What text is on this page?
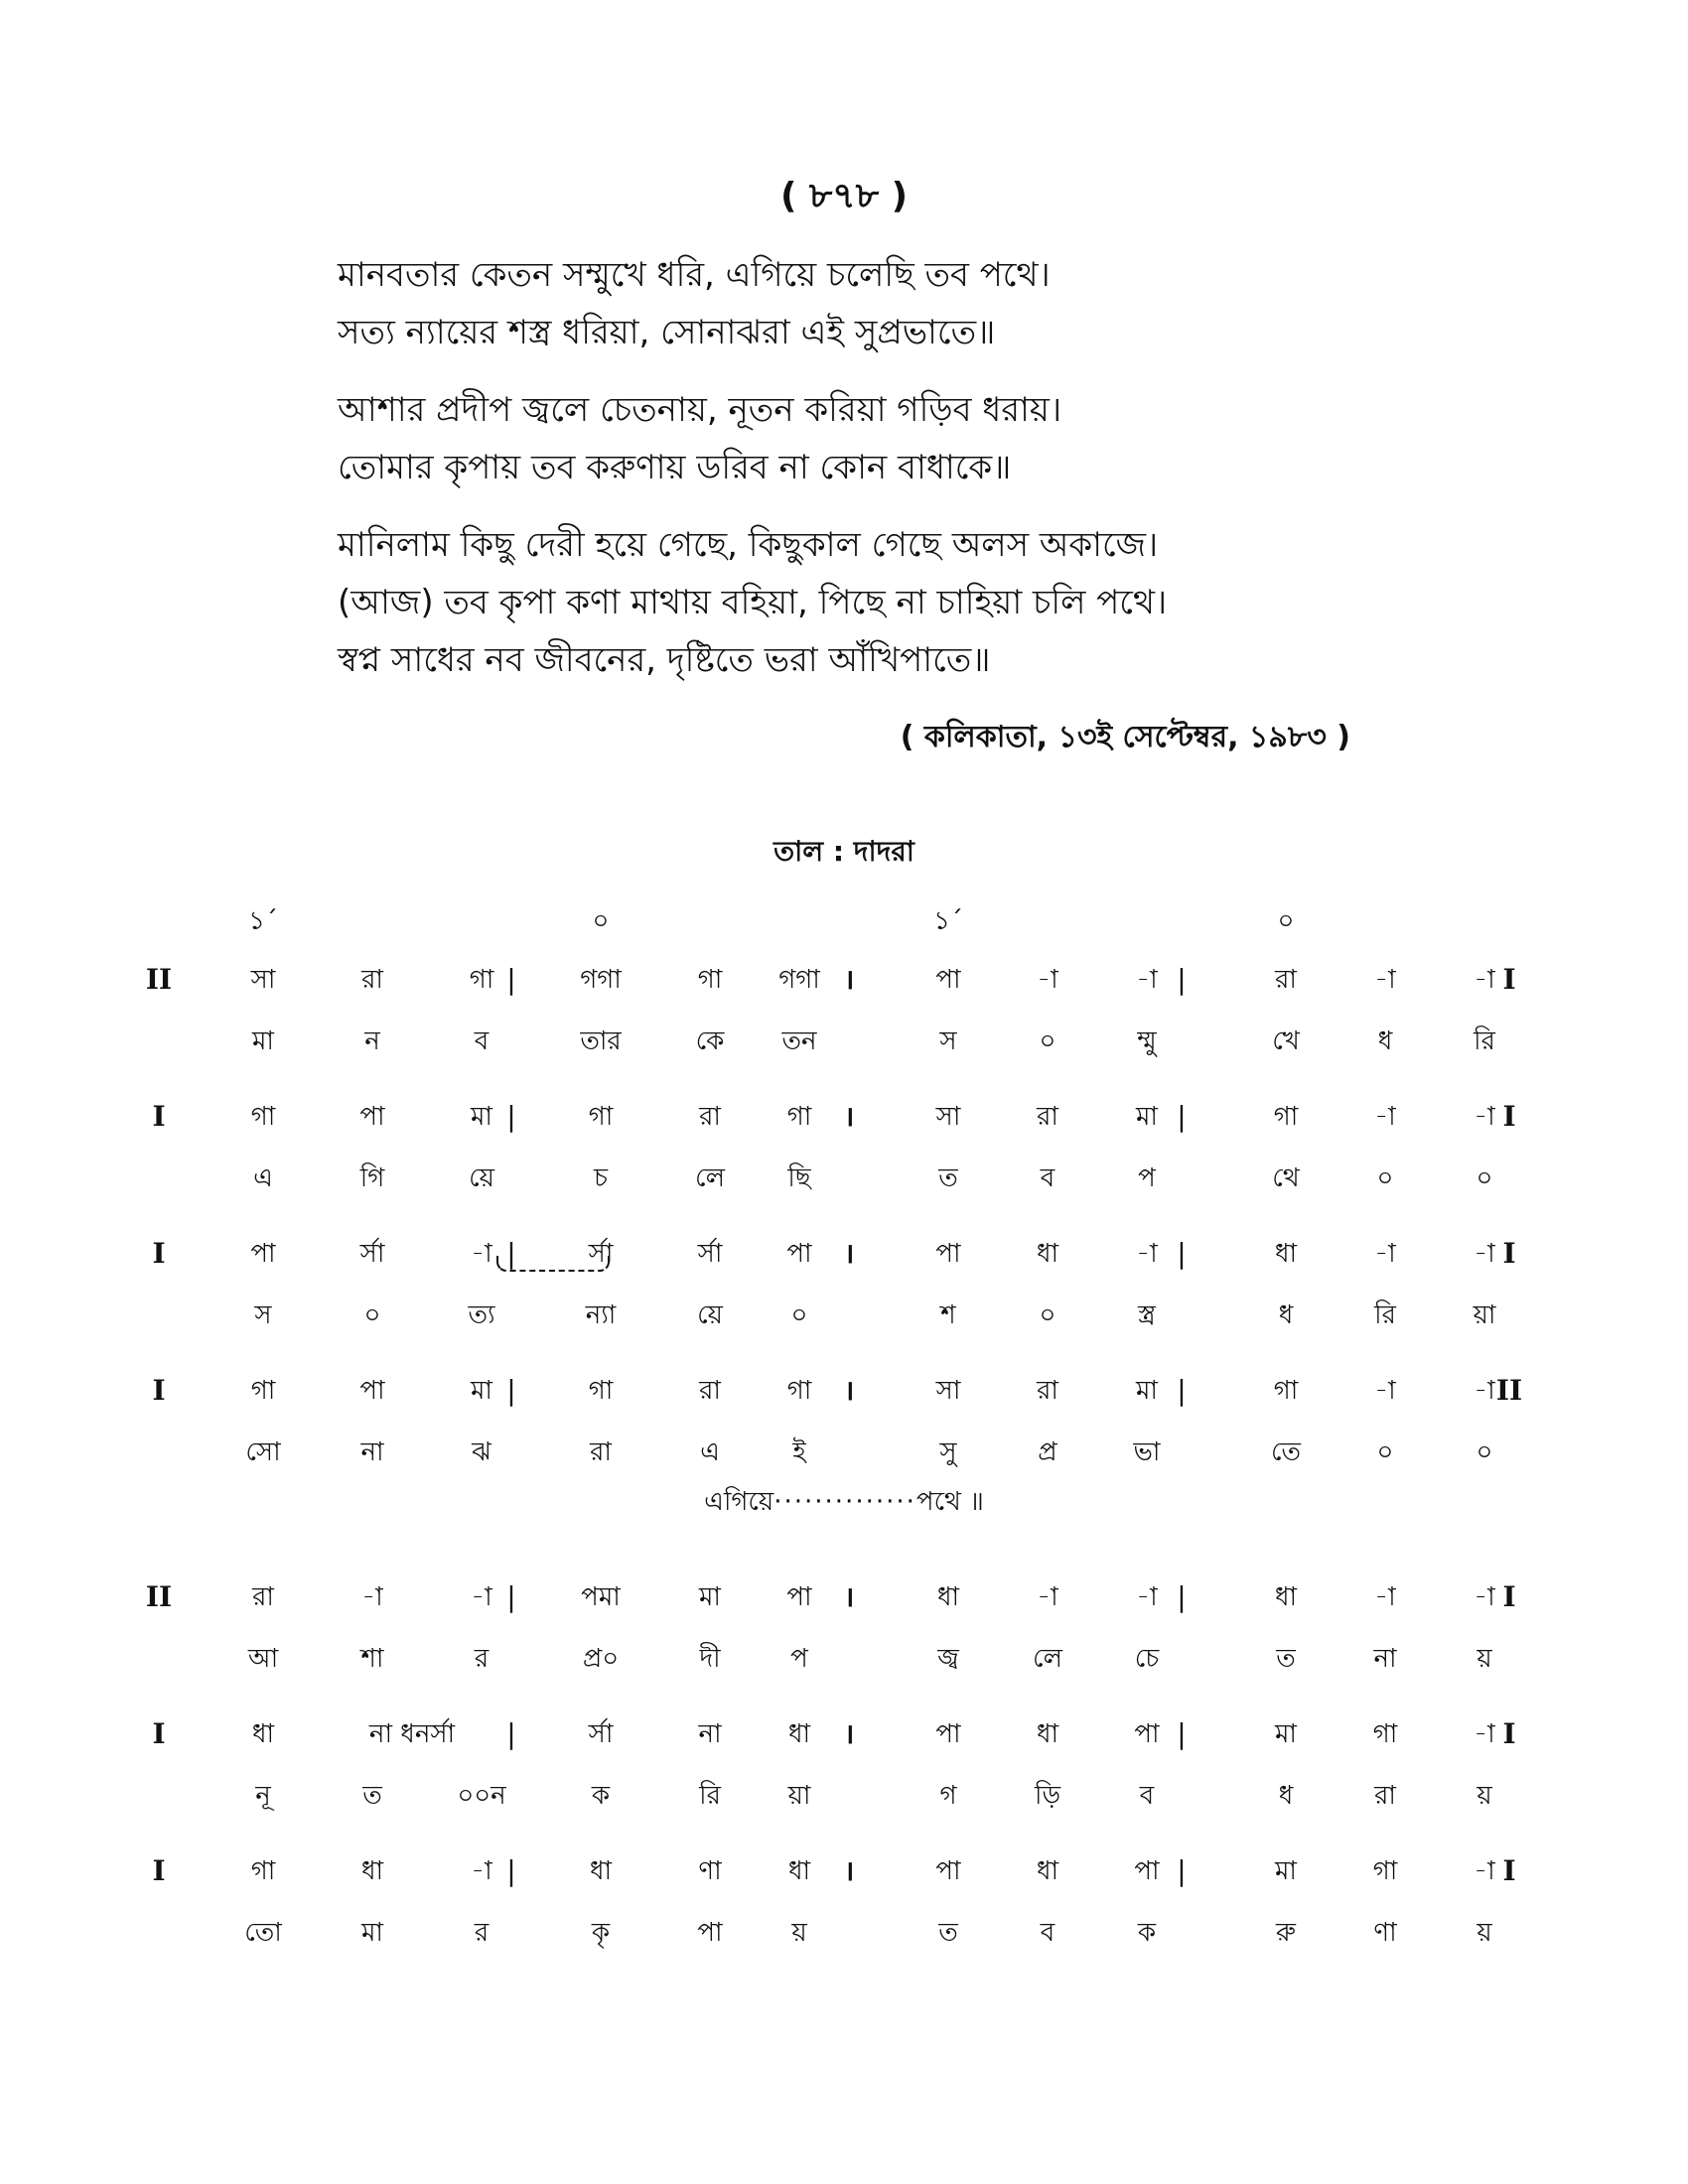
( ৮৭৮ )
মানবতার কেতন সম্মুখে ধরি, এগিয়ে চলেছি তব পথে।
সত্য ন্যায়ের শস্ত্র ধরিয়া, সোনাঝরা এই সুপ্রভাতে॥
আশার প্রদীপ জ্বলে চেতনায়, নূতন করিয়া গড়িব ধরায়।
তোমার কৃপায় তব করুণায় ডরিব না কোন বাধাকে॥
মানিলাম কিছু দেরী হয়ে গেছে, কিছুকাল গেছে অলস অকাজে।
(আজ) তব কৃপা কণা মাথায় বহিয়া, পিছে না চাহিয়া চলি পথে।
স্বপ্ন সাধের নব জীবনের, দৃষ্টিতে ভরা আঁখিপাতে॥
( কলিকাতা, ১৩ই সেপ্টেম্বর, ১৯৮৩ )
তাল : দাদরা
১´	০	১´	০
II	|	।	|	I
সা	রা	গা	গগা	গা	গগা	পা	-া	-া	রা	-া	-া
মা	ন	ব	তার	কে	তন	স	০	ম্মু	খে	ধ	রি
I	|	।	|	I
গা	পা	মা	গা	রা	গা	সা	রা	মা	গা	-া	-া
এ	গি	য়ে	চ	লে	ছি	ত	ব	প	থে	০	০
I	|	।	|	I
পা	র্সা	-া	র্সা	র্সা	পা	পা	ধা	-া	ধা	-া	-া
স	০	ত্য	ন্যা	য়ে	০	শ	০	স্ত্র	ধ	রি	য়া
I	|	।	|	II
গা	পা	মা	গা	রা	গা	সা	রা	মা	গা	-া	-া
সো	না	ঝ	রা	এ	ই	সু	প্র	ভা	তে	০	০
II	|	।	|	I
রা	-া	-া	পমা	মা	পা	ধা	-া	-া	ধা	-া	-া
আ	শা	র	প্র০	দী	প	জ্ব	লে	চে	ত	না	য়
I	|	।	|	I
ধা	না ধনর্সা	র্সা	না	ধা	পা	ধা	পা	মা	গা	-া
নূ	ত	০০ন	ক	রি	য়া	গ	ড়ি	ব	ধ	রা	য়
I	|	।	|	I
গা	ধা	-া	ধা	ণা	ধা	পা	ধা	পা	মা	গা	-া
তো	মা	র	কৃ	পা	য়	ত	ব	ক	রু	ণা	য়
এগিয়ে··············পথে ॥
